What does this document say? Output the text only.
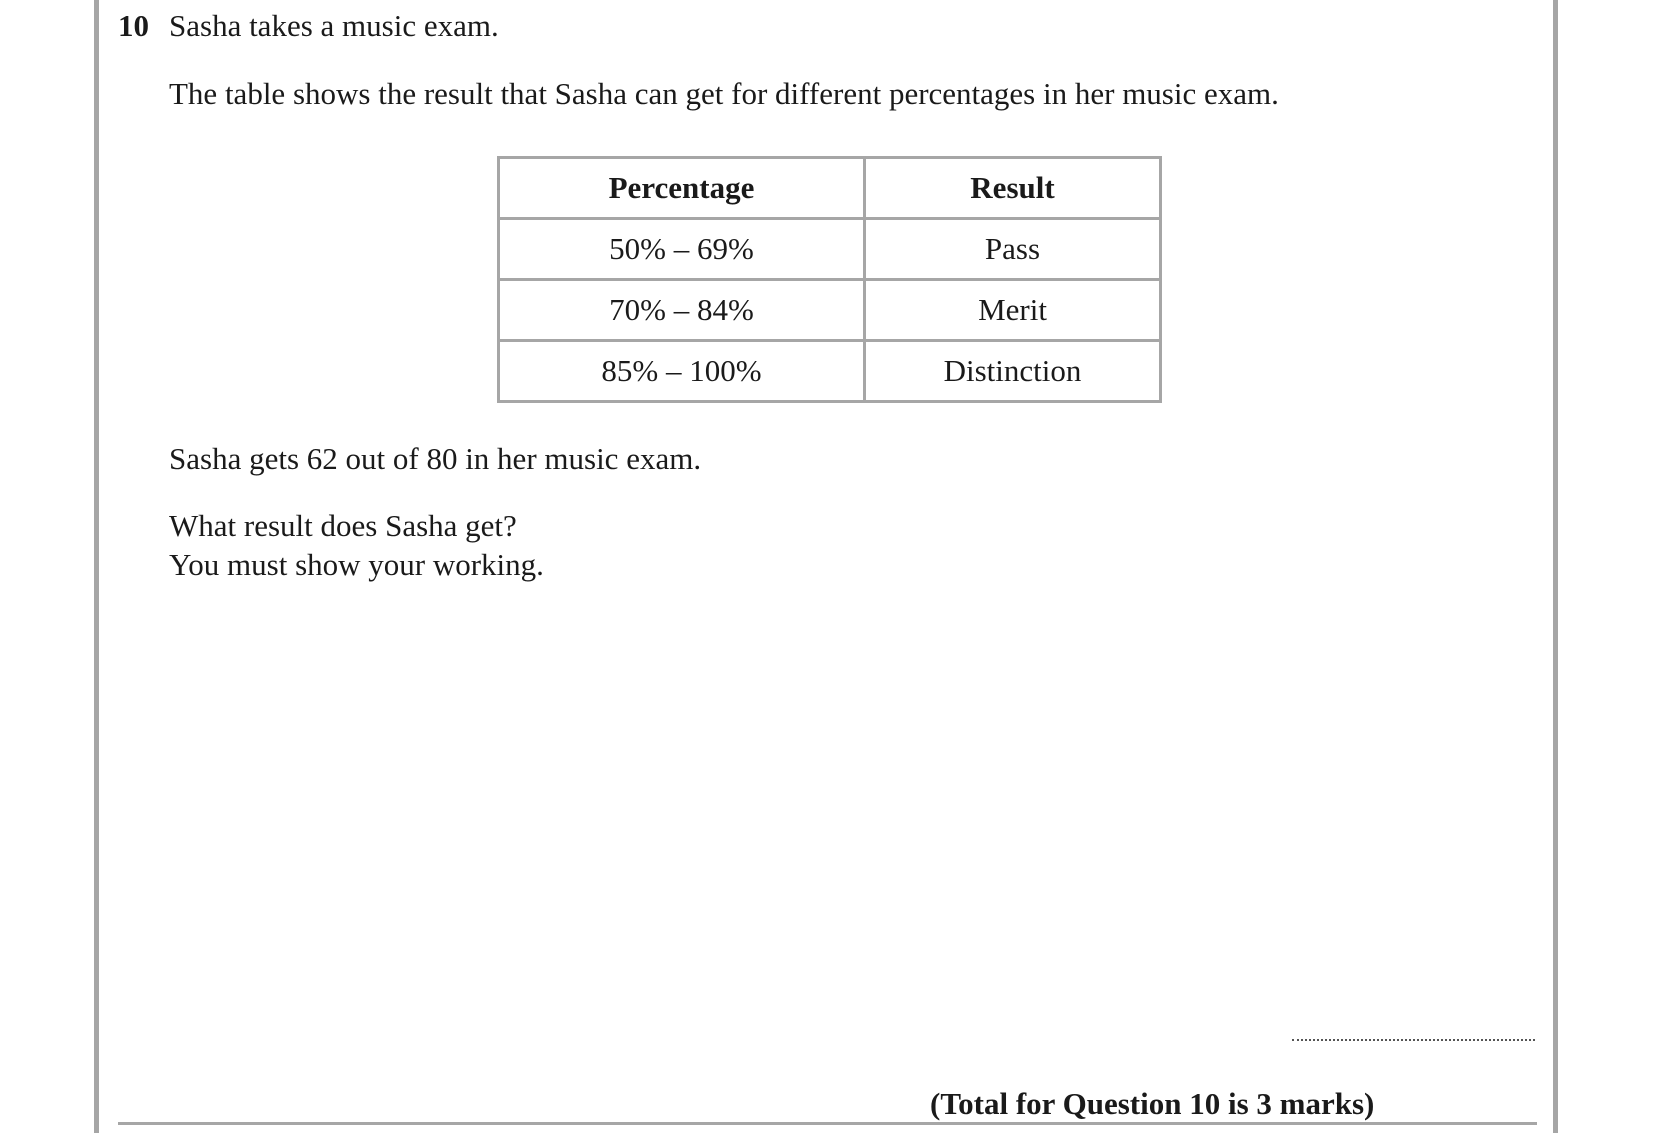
10 Sasha takes a music exam.
The table shows the result that Sasha can get for different percentages in her music exam.
Percentage	Result
50% – 69%	Pass
70% – 84%	Merit
85% – 100%	Distinction
Sasha gets 62 out of 80 in her music exam.
What result does Sasha get?
You must show your working.
(Total for Question 10 is 3 marks)
